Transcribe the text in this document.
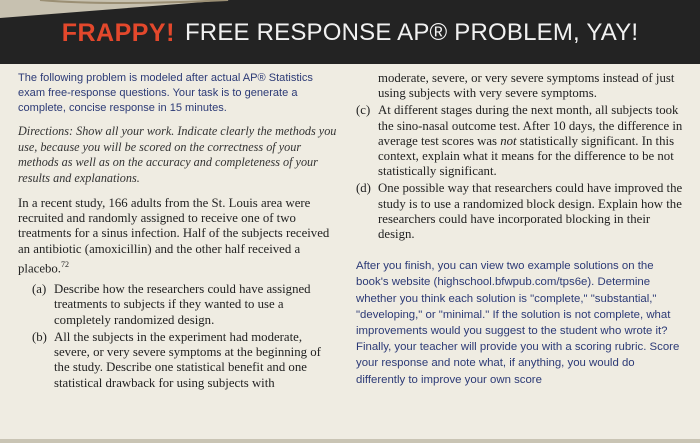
FRAPPY! FREE RESPONSE AP® PROBLEM, YAY!

The following problem is modeled after actual AP® Statistics exam free-response questions. Your task is to generate a complete, concise response in 15 minutes.

Directions: Show all your work. Indicate clearly the methods you use, because you will be scored on the correctness of your methods as well as on the accuracy and completeness of your results and explanations.

In a recent study, 166 adults from the St. Louis area were recruited and randomly assigned to receive one of two treatments for a sinus infection. Half of the subjects received an antibiotic (amoxicillin) and the other half received a placebo.$^{72}$

(a) Describe how the researchers could have assigned treatments to subjects if they wanted to use a completely randomized design.
(b) All the subjects in the experiment had moderate, severe, or very severe symptoms at the beginning of the study. Describe one statistical benefit and one statistical drawback for using subjects with

moderate, severe, or very severe symptoms instead of just using subjects with very severe symptoms.

(c) At different stages during the next month, all subjects took the sino-nasal outcome test. After 10 days, the difference in average test scores was not statistically significant. In this context, explain what it means for the difference to be not statistically significant.
(d) One possible way that researchers could have improved the study is to use a randomized block design. Explain how the researchers could have incorporated blocking in their design.

After you finish, you can view two example solutions on the book's website (highschool.bfwpub.com/tps6e). Determine whether you think each solution is "complete," "substantial," "developing," or "minimal." If the solution is not complete, what improvements would you suggest to the student who wrote it? Finally, your teacher will provide you with a scoring rubric. Score your response and note what, if anything, you would do differently to improve your own score
